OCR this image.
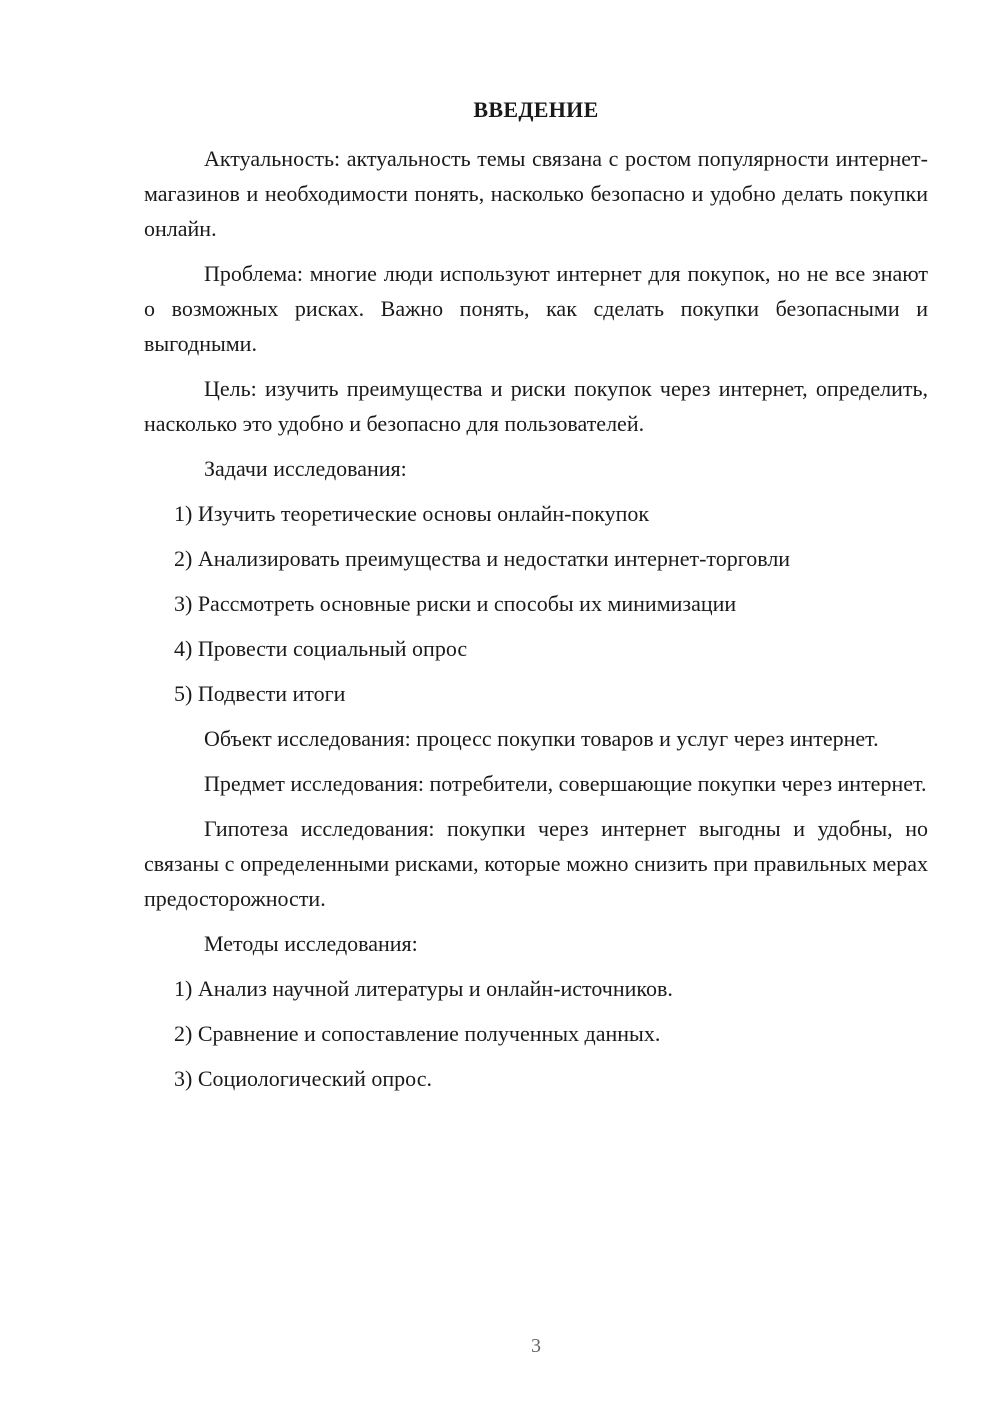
ВВЕДЕНИЕ

Актуальность: актуальность темы связана с ростом популярности интернет-магазинов и необходимости понять, насколько безопасно и удобно делать покупки онлайн.

Проблема: многие люди используют интернет для покупок, но не все знают о возможных рисках. Важно понять, как сделать покупки безопасными и выгодными.

Цель: изучить преимущества и риски покупок через интернет, определить, насколько это удобно и безопасно для пользователей.

Задачи исследования:

1) Изучить теоретические основы онлайн-покупок
2) Анализировать преимущества и недостатки интернет-торговли
3) Рассмотреть основные риски и способы их минимизации
4) Провести социальный опрос
5) Подвести итоги

Объект исследования: процесс покупки товаров и услуг через интернет.

Предмет исследования: потребители, совершающие покупки через интернет.

Гипотеза исследования: покупки через интернет выгодны и удобны, но связаны с определенными рисками, которые можно снизить при правильных мерах предосторожности.

Методы исследования:

1) Анализ научной литературы и онлайн-источников.
2) Сравнение и сопоставление полученных данных.
3) Социологический опрос.
3
